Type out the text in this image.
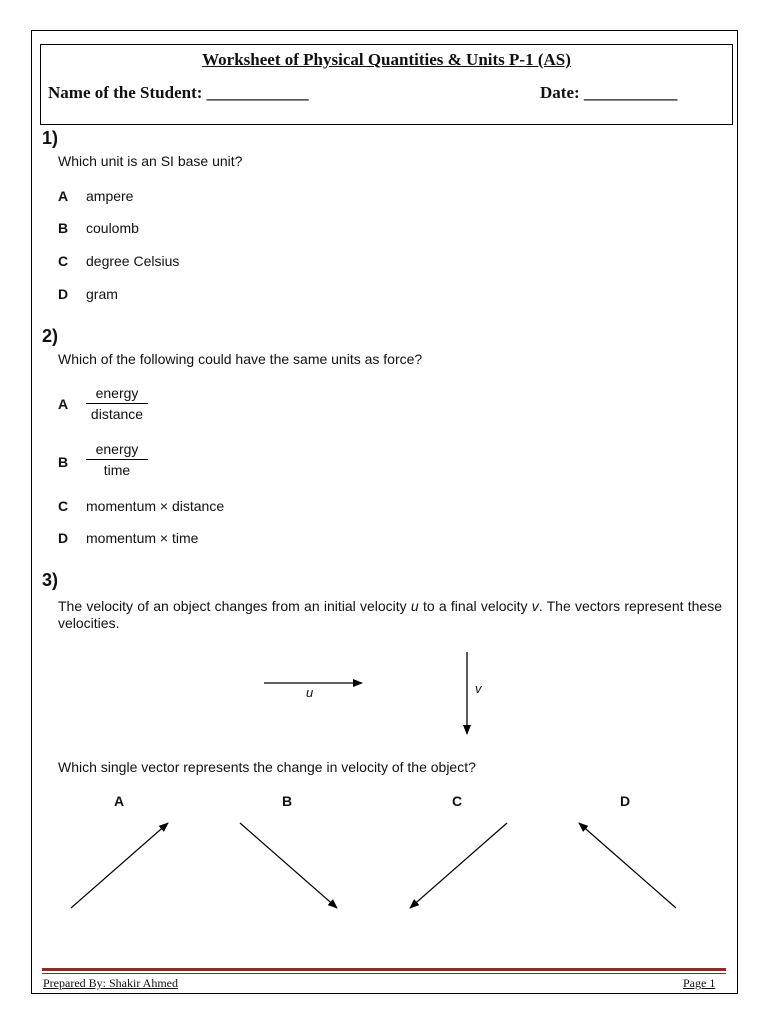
Worksheet of Physical Quantities & Units P-1 (AS)
Name of the Student: ____________	Date: ___________
1)
Which unit is an SI base unit?
A ampere
B coulomb
C degree Celsius
D gram
2)
Which of the following could have the same units as force?
A
energy
distance
B
energy
time
C momentum × distance
D momentum × time
3)
The velocity of an object changes from an initial velocity u to a final velocity v. The vectors represent these velocities.
u	v
Which single vector represents the change in velocity of the object?
A	B	C	D
Prepared By: Shakir Ahmed	Page 1
